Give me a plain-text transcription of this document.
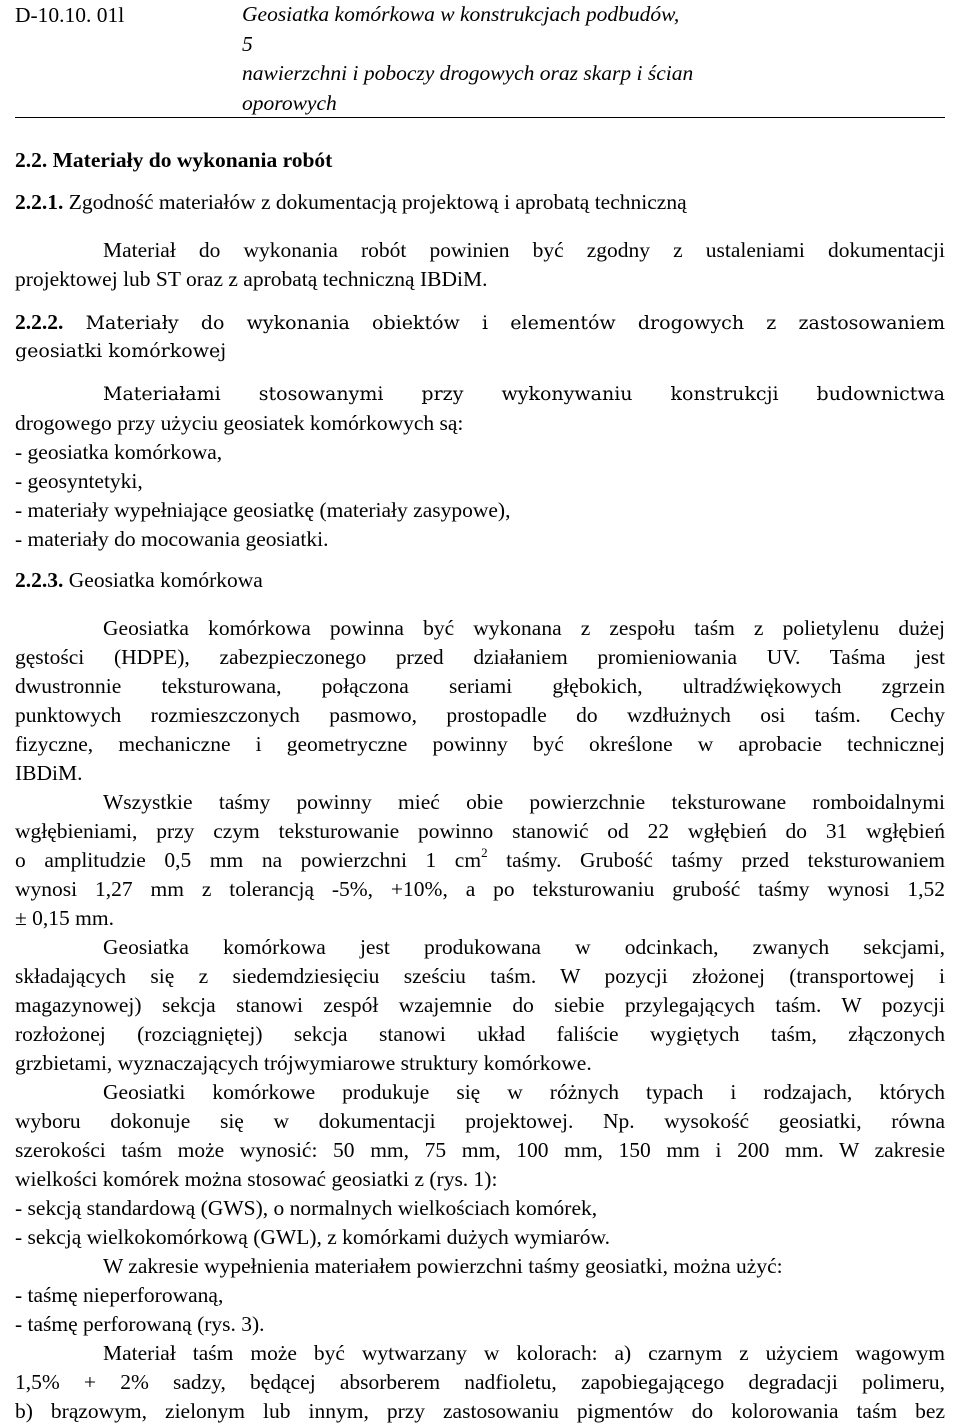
D-10.10. 01l	Geosiatka komórkowa w konstrukcjach podbudów,
5
nawierzchni i poboczy drogowych oraz skarp i ścian
oporowych
2.2. Materiały do wykonania robót
2.2.1. Zgodność materiałów z dokumentacją projektową i aprobatą techniczną
Materiał do wykonania robót powinien być zgodny z ustaleniami dokumentacji
projektowej lub ST oraz z aprobatą techniczną IBDiM.
2.2.2. Materiały do wykonania obiektów i elementów drogowych z zastosowaniem
geosiatki komórkowej
Materiałami stosowanymi przy wykonywaniu konstrukcji budownictwa
drogowego przy użyciu geosiatek komórkowych są:
- geosiatka komórkowa,
- geosyntetyki,
- materiały wypełniające geosiatkę (materiały zasypowe),
- materiały do mocowania geosiatki.
2.2.3. Geosiatka komórkowa
Geosiatka komórkowa powinna być wykonana z zespołu taśm z polietylenu dużej
gęstości (HDPE), zabezpieczonego przed działaniem promieniowania UV. Taśma jest
dwustronnie teksturowana, połączona seriami głębokich, ultradźwiękowych zgrzein
punktowych rozmieszczonych pasmowo, prostopadle do wzdłużnych osi taśm. Cechy
fizyczne, mechaniczne i geometryczne powinny być określone w aprobacie technicznej
IBDiM.
Wszystkie taśmy powinny mieć obie powierzchnie teksturowane romboidalnymi
wgłębieniami, przy czym teksturowanie powinno stanowić od 22 wgłębień do 31 wgłębień
o amplitudzie 0,5 mm na powierzchni 1 $cm^2$ taśmy. Grubość taśmy przed teksturowaniem
wynosi 1,27 mm z tolerancją -5%, +10%, a po teksturowaniu grubość taśmy wynosi 1,52
± 0,15 mm.
Geosiatka komórkowa jest produkowana w odcinkach, zwanych sekcjami,
składających się z siedemdziesięciu sześciu taśm. W pozycji złożonej (transportowej i
magazynowej) sekcja stanowi zespół wzajemnie do siebie przylegających taśm. W pozycji
rozłożonej (rozciągniętej) sekcja stanowi układ faliście wygiętych taśm, złączonych
grzbietami, wyznaczających trójwymiarowe struktury komórkowe.
Geosiatki komórkowe produkuje się w różnych typach i rodzajach, których
wyboru dokonuje się w dokumentacji projektowej. Np. wysokość geosiatki, równa
szerokości taśm może wynosić: 50 mm, 75 mm, 100 mm, 150 mm i 200 mm. W zakresie
wielkości komórek można stosować geosiatki z (rys. 1):
- sekcją standardową (GWS), o normalnych wielkościach komórek,
- sekcją wielkokomórkową (GWL), z komórkami dużych wymiarów.
W zakresie wypełnienia materiałem powierzchni taśmy geosiatki, można użyć:
- taśmę nieperforowaną,
- taśmę perforowaną (rys. 3).
Materiał taśm może być wytwarzany w kolorach: a) czarnym z użyciem wagowym
1,5% + 2% sadzy, będącej absorberem nadfioletu, zapobiegającego degradacji polimeru,
b) brązowym, zielonym lub innym, przy zastosowaniu pigmentów do kolorowania taśm bez
